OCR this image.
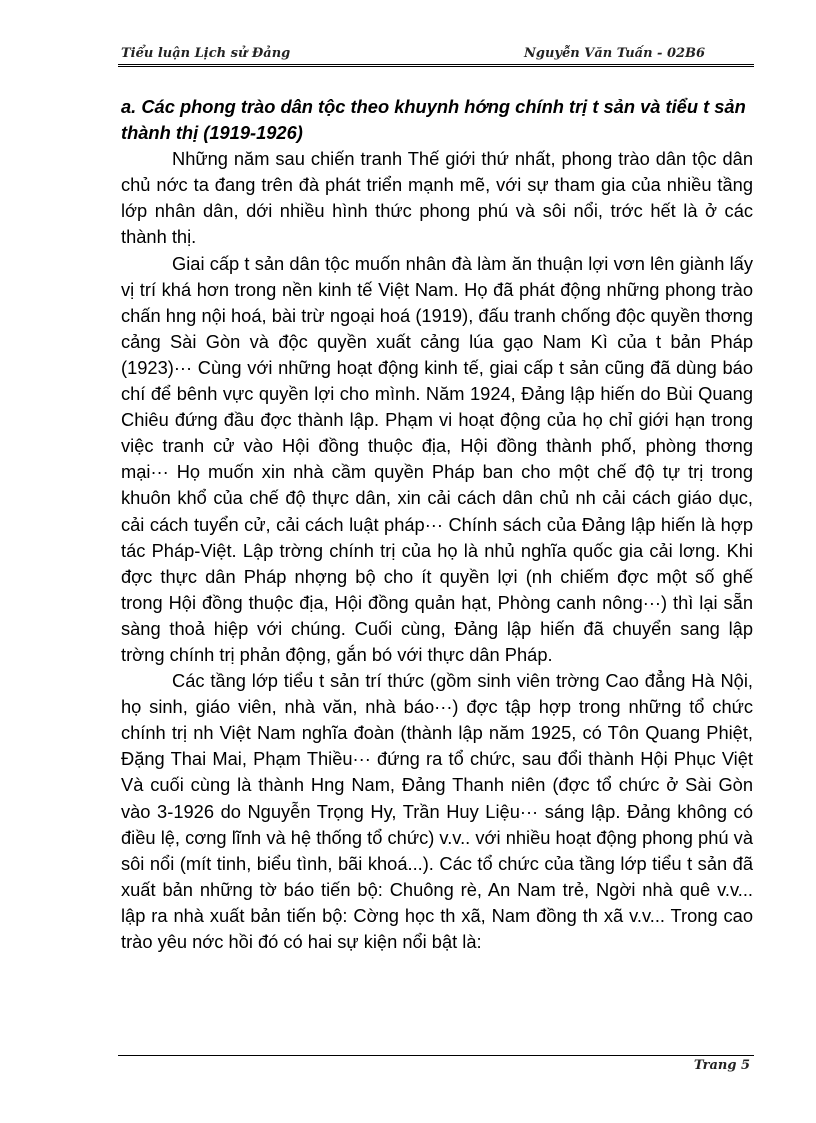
Tiểu luận Lịch sử Đảng	Nguyễn Văn Tuấn - 02B6

a. Các phong trào dân tộc theo khuynh hớng chính trị t sản và tiểu t sản thành thị (1919-1926)

Những năm sau chiến tranh Thế giới thứ nhất, phong trào dân tộc dân chủ nớc ta đang trên đà phát triển mạnh mẽ, với sự tham gia của nhiều tầng lớp nhân dân, dới nhiều hình thức phong phú và sôi nổi, trớc hết là ở các thành thị.

Giai cấp t sản dân tộc muốn nhân đà làm ăn thuận lợi vơn lên giành lấy vị trí khá hơn trong nền kinh tế Việt Nam. Họ đã phát động những phong trào chấn hng nội hoá, bài trừ ngoại hoá (1919), đấu tranh chống độc quyền thơng cảng Sài Gòn và độc quyền xuất cảng lúa gạo Nam Kì của t bản Pháp (1923)··· Cùng với những hoạt động kinh tế, giai cấp t sản cũng đã dùng báo chí để bênh vực quyền lợi cho mình. Năm 1924, Đảng lập hiến do Bùi Quang Chiêu đứng đầu đợc thành lập. Phạm vi hoạt động của họ chỉ giới hạn trong việc tranh cử vào Hội đồng thuộc địa, Hội đồng thành phố, phòng thơng mại··· Họ muốn xin nhà cầm quyền Pháp ban cho một chế độ tự trị trong khuôn khổ của chế độ thực dân, xin cải cách dân chủ nh cải cách giáo dục, cải cách tuyển cử, cải cách luật pháp··· Chính sách của Đảng lập hiến là hợp tác Pháp-Việt. Lập trờng chính trị của họ là nhủ nghĩa quốc gia cải lơng. Khi đợc thực dân Pháp nhợng bộ cho ít quyền lợi (nh chiếm đợc một số ghế trong Hội đồng thuộc địa, Hội đồng quản hạt, Phòng canh nông···) thì lại sẵn sàng thoả hiệp với chúng. Cuối cùng, Đảng lập hiến đã chuyển sang lập trờng chính trị phản động, gắn bó với thực dân Pháp.

Các tầng lớp tiểu t sản trí thức (gồm sinh viên trờng Cao đẳng Hà Nội, họ sinh, giáo viên, nhà văn, nhà báo···) đợc tập hợp trong những tổ chức chính trị nh Việt Nam nghĩa đoàn (thành lập năm 1925, có Tôn Quang Phiệt, Đặng Thai Mai, Phạm Thiều··· đứng ra tổ chức, sau đổi thành Hội Phục Việt Và cuối cùng là thành Hng Nam, Đảng Thanh niên (đợc tổ chức ở Sài Gòn vào 3-1926 do Nguyễn Trọng Hy, Trần Huy Liệu··· sáng lập. Đảng không có điều lệ, cơng lĩnh và hệ thống tổ chức) v.v.. với nhiều hoạt động phong phú và sôi nổi (mít tinh, biểu tình, bãi khoá...). Các tổ chức của tầng lớp tiểu t sản đã xuất bản những tờ báo tiến bộ: Chuông rè, An Nam trẻ, Ngời nhà quê v.v... lập ra nhà xuất bản tiến bộ: Cờng học th xã, Nam đồng th xã v.v... Trong cao trào yêu nớc hồi đó có hai sự kiện nổi bật là:

Trang 5
